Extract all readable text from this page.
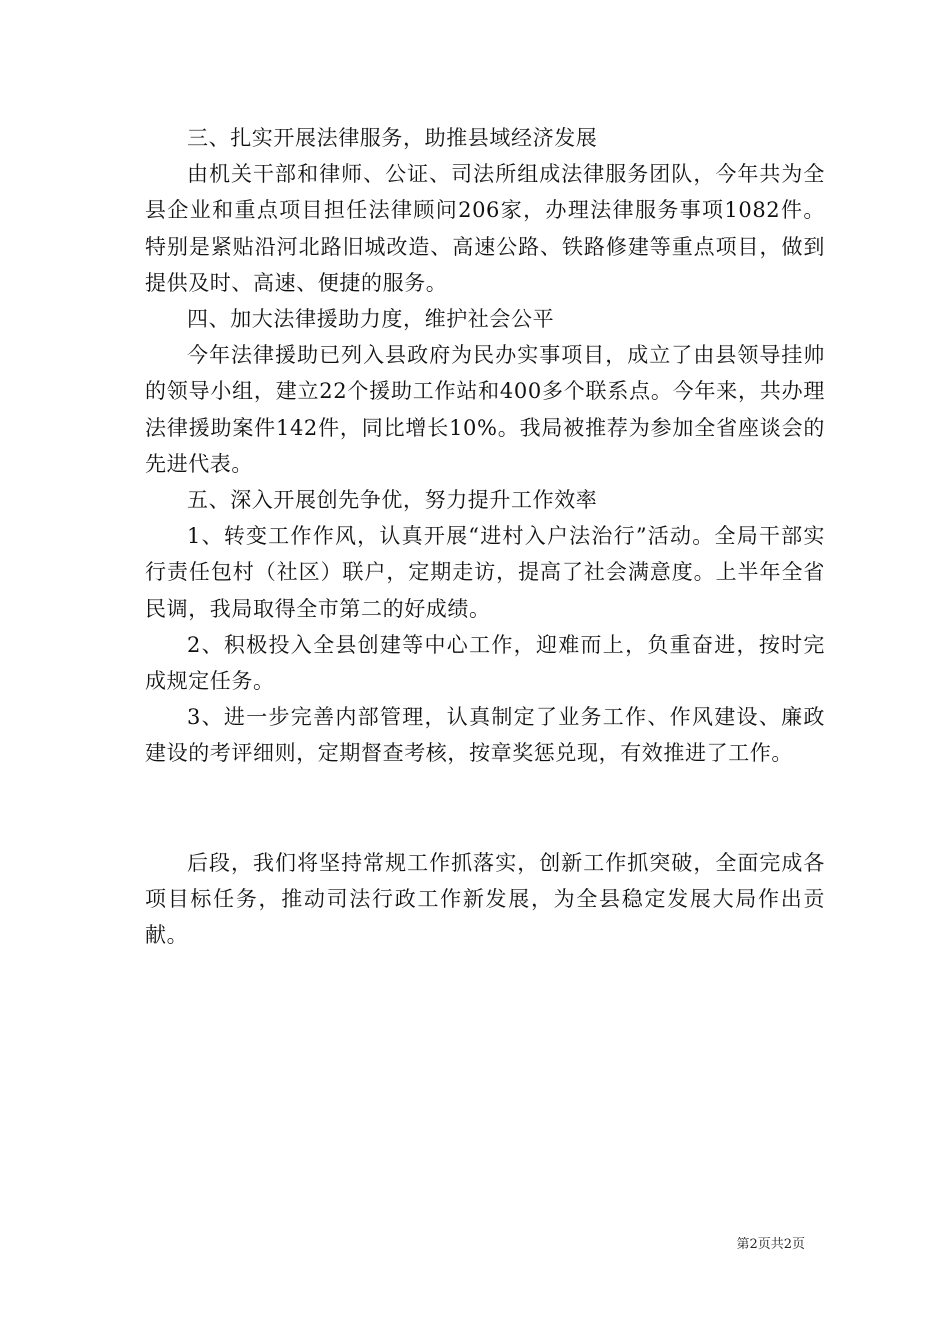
三、扎实开展法律服务，助推县域经济发展

由机关干部和律师、公证、司法所组成法律服务团队，今年共为全县企业和重点项目担任法律顾问206家，办理法律服务事项1082件。特别是紧贴沿河北路旧城改造、高速公路、铁路修建等重点项目，做到提供及时、高速、便捷的服务。

四、加大法律援助力度，维护社会公平

今年法律援助已列入县政府为民办实事项目，成立了由县领导挂帅的领导小组，建立22个援助工作站和400多个联系点。今年来，共办理法律援助案件142件，同比增长10%。我局被推荐为参加全省座谈会的先进代表。

五、深入开展创先争优，努力提升工作效率

1、转变工作作风，认真开展“进村入户法治行”活动。全局干部实行责任包村（社区）联户，定期走访，提高了社会满意度。上半年全省民调，我局取得全市第二的好成绩。

2、积极投入全县创建等中心工作，迎难而上，负重奋进，按时完成规定任务。

3、进一步完善内部管理，认真制定了业务工作、作风建设、廉政建设的考评细则，定期督查考核，按章奖惩兑现，有效推进了工作。

后段，我们将坚持常规工作抓落实，创新工作抓突破，全面完成各项目标任务，推动司法行政工作新发展，为全县稳定发展大局作出贡献。

第2页共2页
